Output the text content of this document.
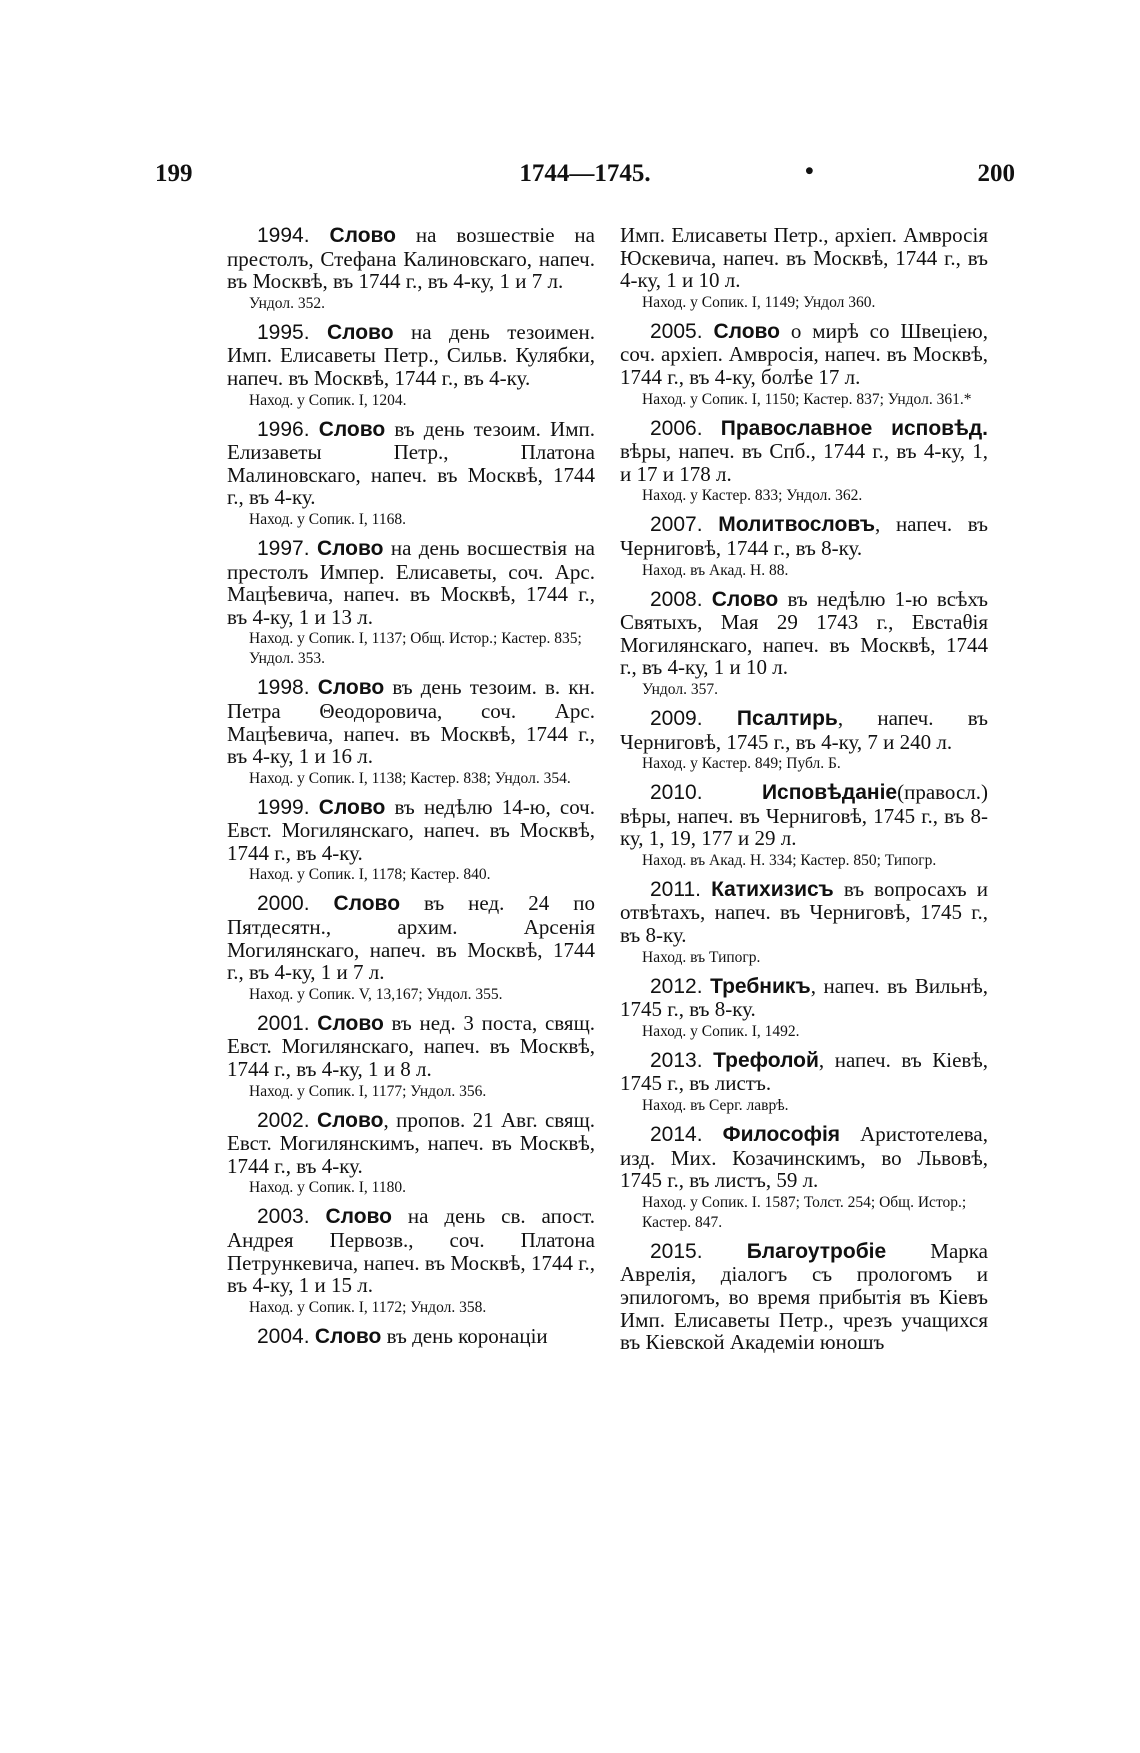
199	1744—1745.	•	200

1994. Слово на возшествіе на престолъ, Стефана Калиновскаго, напеч. въ Москвѣ, въ 1744 г., въ 4-ку, 1 и 7 л.
Ундол. 352.

1995. Слово на день тезоимен. Имп. Елисаветы Петр., Сильв. Кулябки, напеч. въ Москвѣ, 1744 г., въ 4-ку.
Наход. у Сопик. I, 1204.

1996. Слово въ день тезоим. Имп. Елизаветы Петр., Платона Малиновскаго, напеч. въ Москвѣ, 1744 г., въ 4-ку.
Наход. у Сопик. I, 1168.

1997. Слово на день восшествія на престолъ Импер. Елисаветы, соч. Арс. Мацѣевича, напеч. въ Москвѣ, 1744 г., въ 4-ку, 1 и 13 л.
Наход. у Сопик. I, 1137; Общ. Истор.; Кастер. 835; Ундол. 353.

1998. Слово въ день тезоим. в. кн. Петра Θеодоровича, соч. Арс. Мацѣевича, напеч. въ Москвѣ, 1744 г., въ 4-ку, 1 и 16 л.
Наход. у Сопик. I, 1138; Кастер. 838; Ундол. 354.

1999. Слово въ недѣлю 14-ю, соч. Евст. Могилянскаго, напеч. въ Москвѣ, 1744 г., въ 4-ку.
Наход. у Сопик. I, 1178; Кастер. 840.

2000. Слово въ нед. 24 по Пятдесятн., архим. Арсенія Могилянскаго, напеч. въ Москвѣ, 1744 г., въ 4-ку, 1 и 7 л.
Наход. у Сопик. V, 13,167; Ундол. 355.

2001. Слово въ нед. 3 поста, свящ. Евст. Могилянскаго, напеч. въ Москвѣ, 1744 г., въ 4-ку, 1 и 8 л.
Наход. у Сопик. I, 1177; Ундол. 356.

2002. Слово, пропов. 21 Авг. свящ. Евст. Могилянскимъ, напеч. въ Москвѣ, 1744 г., въ 4-ку.
Наход. у Сопик. I, 1180.

2003. Слово на день св. апост. Андрея Первозв., соч. Платона Петрункевича, напеч. въ Москвѣ, 1744 г., въ 4-ку, 1 и 15 л.
Наход. у Сопик. I, 1172; Ундол. 358.

2004. Слово въ день коронаціи

Имп. Елисаветы Петр., архіеп. Амвросія Юскевича, напеч. въ Москвѣ, 1744 г., въ 4-ку, 1 и 10 л.
Наход. у Сопик. I, 1149; Ундол 360.

2005. Слово о мирѣ со Швеціею, соч. архіеп. Амвросія, напеч. въ Москвѣ, 1744 г., въ 4-ку, болѣе 17 л.
Наход. у Сопик. I, 1150; Кастер. 837; Ундол. 361.*

2006. Православное исповѣд. вѣры, напеч. въ Спб., 1744 г., въ 4-ку, 1, и 17 и 178 л.
Наход. у Кастер. 833; Ундол. 362.

2007. Молитвословъ, напеч. въ Черниговѣ, 1744 г., въ 8-ку.
Наход. въ Акад. Н. 88.

2008. Слово въ недѣлю 1-ю всѣхъ Святыхъ, Мая 29 1743 г., Евстаθія Могилянскаго, напеч. въ Москвѣ, 1744 г., въ 4-ку, 1 и 10 л.
Ундол. 357.

2009. Псалтирь, напеч. въ Черниговѣ, 1745 г., въ 4-ку, 7 и 240 л.
Наход. у Кастер. 849; Публ. Б.

2010.	Исповѣданіе(правосл.) вѣры, напеч. въ Черниговѣ, 1745 г., въ 8-ку, 1, 19, 177 и 29 л.
Наход. въ Акад. Н. 334; Кастер. 850; Типогр.

2011. Катихизисъ въ вопросахъ и отвѣтахъ, напеч. въ Черниговѣ, 1745 г., въ 8-ку.
Наход. въ Типогр.

2012. Требникъ, напеч. въ Вильнѣ, 1745 г., въ 8-ку.
Наход. у Сопик. I, 1492.

2013. Трефолой, напеч. въ Кіевѣ, 1745 г., въ листъ.
Наход. въ Серг. лаврѣ.

2014. Философія Аристотелева, изд. Мих. Козачинскимъ, во Львовѣ, 1745 г., въ листъ, 59 л.
Наход. у Сопик. I. 1587; Толст. 254; Общ. Истор.; Кастер. 847.

2015. Благоутробіе Марка Аврелія, діалогъ съ прологомъ и эпилогомъ, во время прибытія въ Кіевъ Имп. Елисаветы Петр., чрезъ учащихся въ Кіевской Академіи юношъ
